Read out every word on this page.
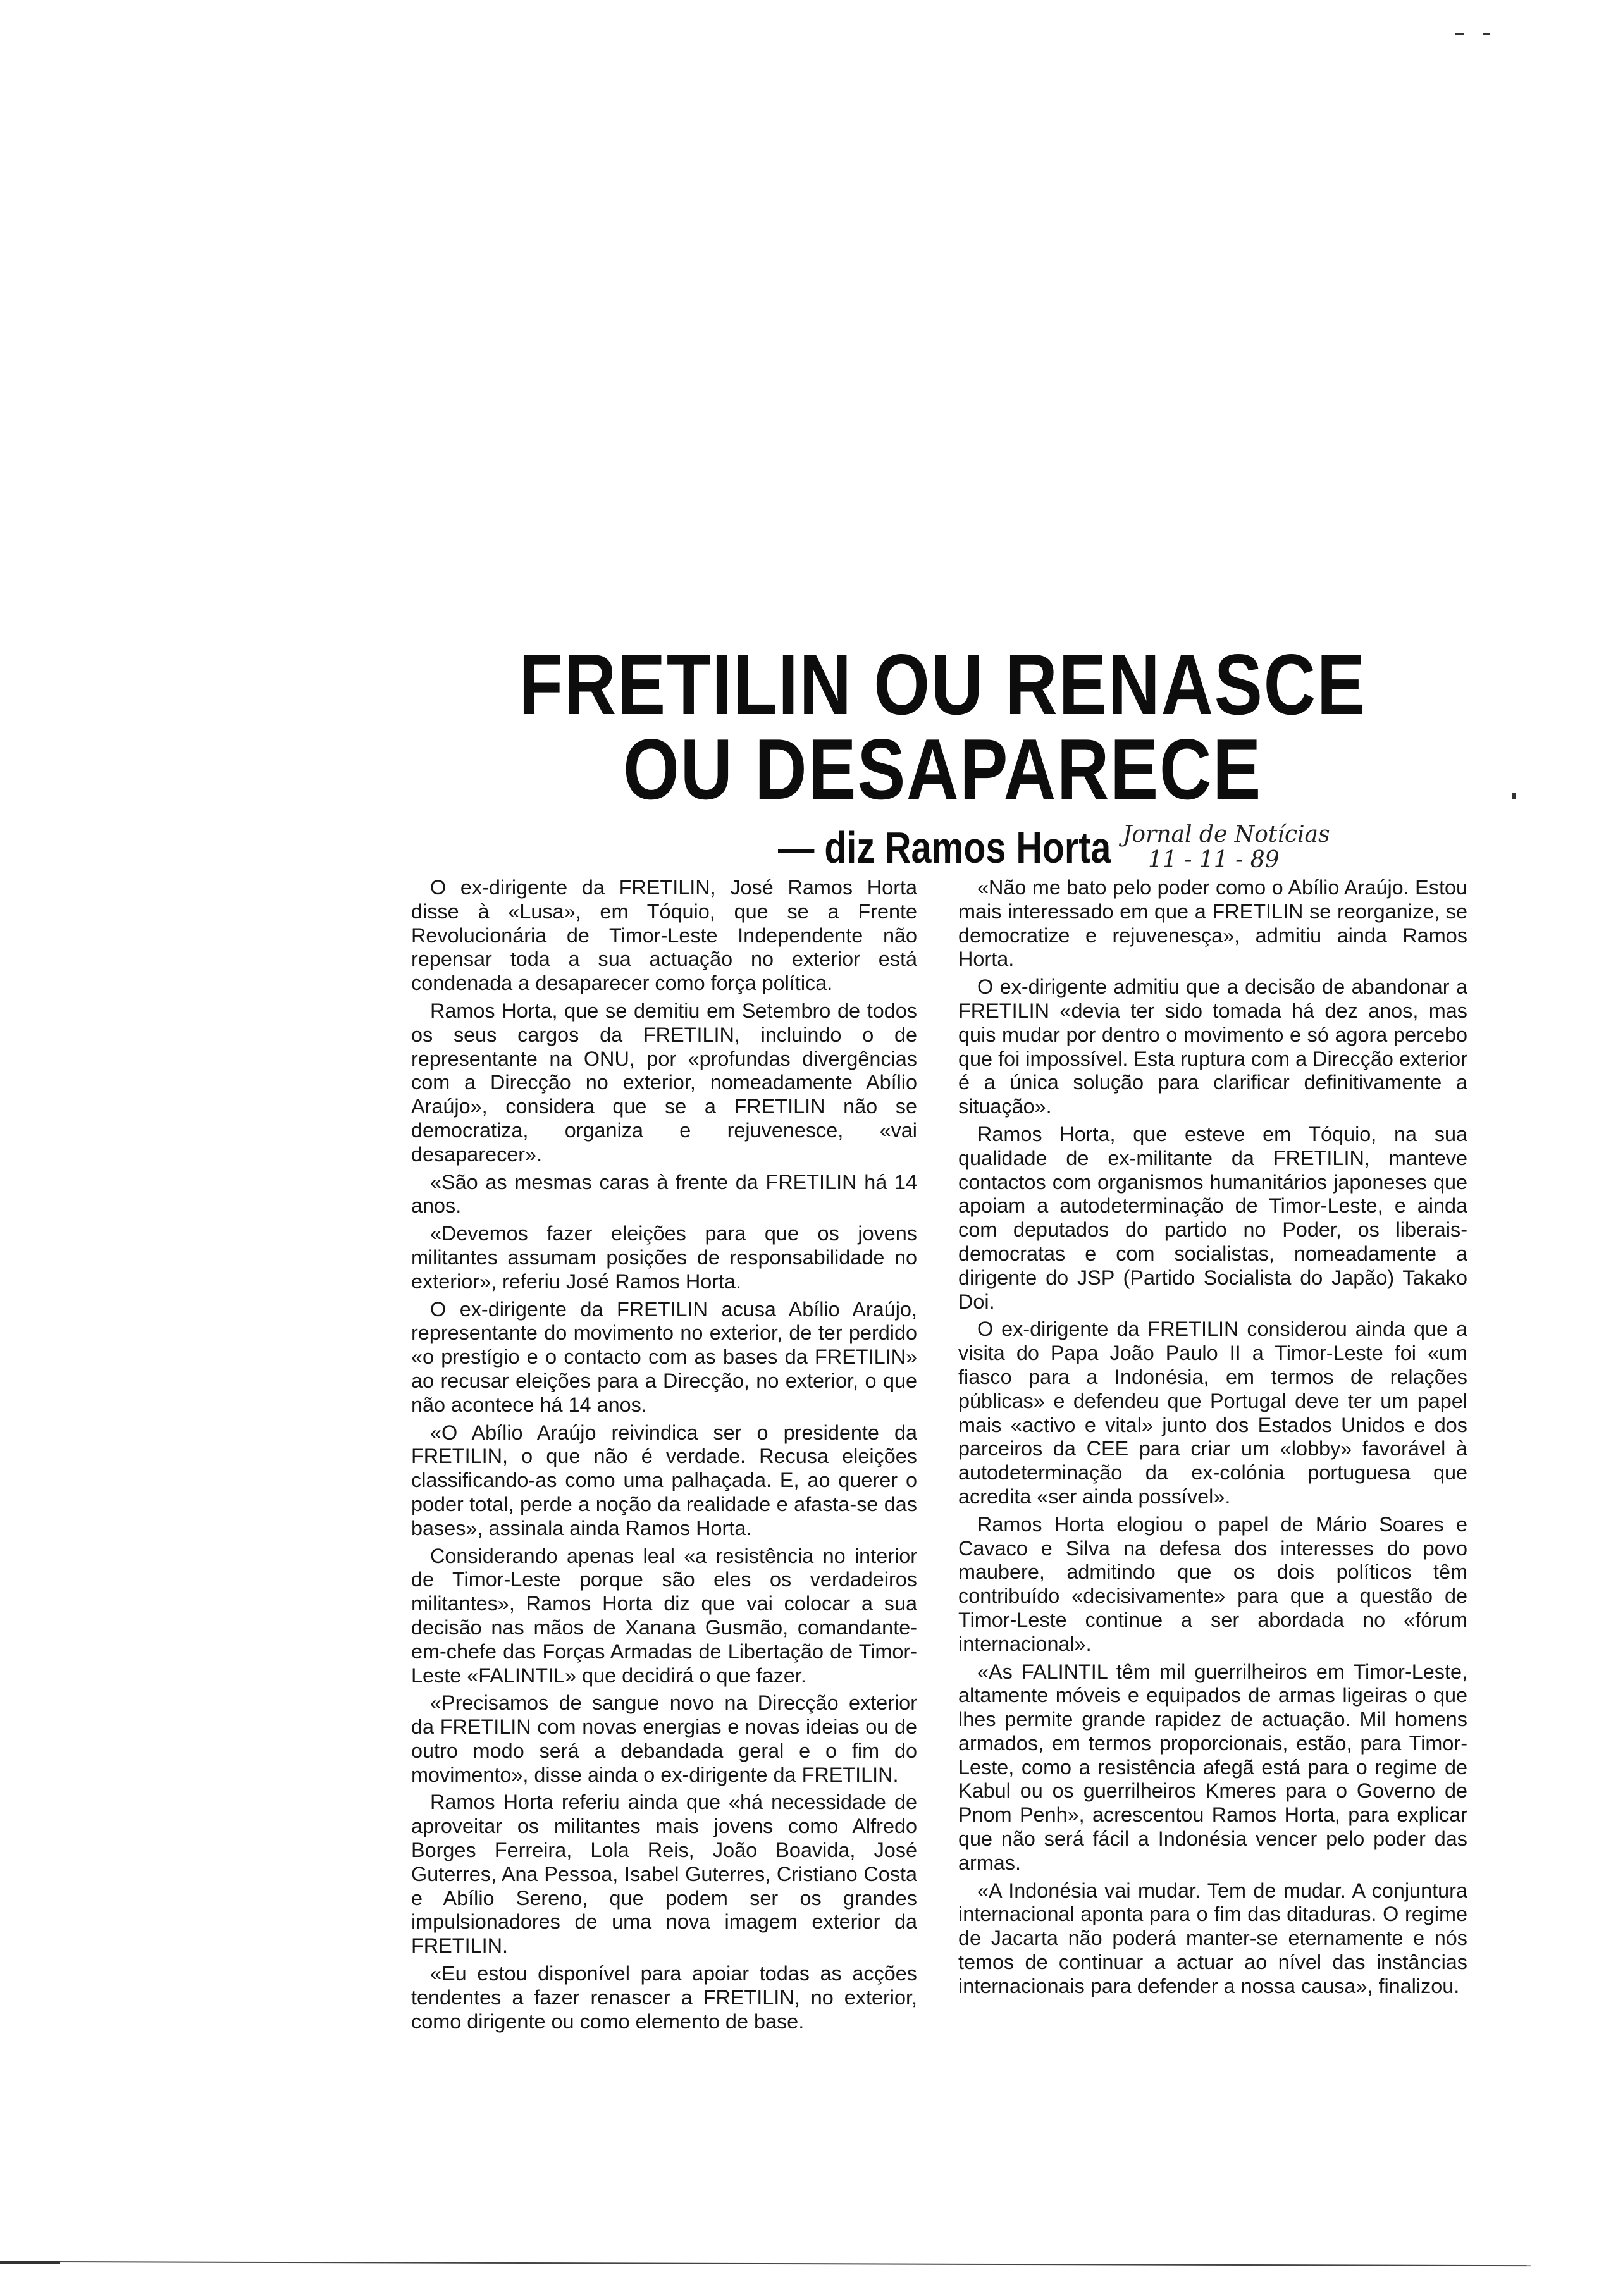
FRETILIN OU RENASCE
OU DESAPARECE
— diz Ramos Horta Jornal de Notícias
11 - 11 - 89

O ex-dirigente da FRETILIN, José Ramos Horta disse à «Lusa», em Tóquio, que se a Frente Revolucionária de Timor-Leste Independente não repensar toda a sua actuação no exterior está condenada a desaparecer como força política.

Ramos Horta, que se demitiu em Setembro de todos os seus cargos da FRETILIN, incluindo o de representante na ONU, por «profundas divergências com a Direcção no exterior, nomeadamente Abílio Araújo», considera que se a FRETILIN não se democratiza, organiza e rejuvenesce, «vai desaparecer».

«São as mesmas caras à frente da FRETILIN há 14 anos.

«Devemos fazer eleições para que os jovens militantes assumam posições de responsabilidade no exterior», referiu José Ramos Horta.

O ex-dirigente da FRETILIN acusa Abílio Araújo, representante do movimento no exterior, de ter perdido «o prestígio e o contacto com as bases da FRETILIN» ao recusar eleições para a Direcção, no exterior, o que não acontece há 14 anos.

«O Abílio Araújo reivindica ser o presidente da FRETILIN, o que não é verdade. Recusa eleições classificando-as como uma palhaçada. E, ao querer o poder total, perde a noção da realidade e afasta-se das bases», assinala ainda Ramos Horta.

Considerando apenas leal «a resistência no interior de Timor-Leste porque são eles os verdadeiros militantes», Ramos Horta diz que vai colocar a sua decisão nas mãos de Xanana Gusmão, comandante-em-chefe das Forças Armadas de Libertação de Timor-Leste «FALINTIL» que decidirá o que fazer.

«Precisamos de sangue novo na Direcção exterior da FRETILIN com novas energias e novas ideias ou de outro modo será a debandada geral e o fim do movimento», disse ainda o ex-dirigente da FRETILIN.

Ramos Horta referiu ainda que «há necessidade de aproveitar os militantes mais jovens como Alfredo Borges Ferreira, Lola Reis, João Boavida, José Guterres, Ana Pessoa, Isabel Guterres, Cristiano Costa e Abílio Sereno, que podem ser os grandes impulsionadores de uma nova imagem exterior da FRETILIN.

«Eu estou disponível para apoiar todas as acções tendentes a fazer renascer a FRETILIN, no exterior, como dirigente ou como elemento de base.

«Não me bato pelo poder como o Abílio Araújo. Estou mais interessado em que a FRETILIN se reorganize, se democratize e rejuvenesça», admitiu ainda Ramos Horta.

O ex-dirigente admitiu que a decisão de abandonar a FRETILIN «devia ter sido tomada há dez anos, mas quis mudar por dentro o movimento e só agora percebo que foi impossível. Esta ruptura com a Direcção exterior é a única solução para clarificar definitivamente a situação».

Ramos Horta, que esteve em Tóquio, na sua qualidade de ex-militante da FRETILIN, manteve contactos com organismos humanitários japoneses que apoiam a autodeterminação de Timor-Leste, e ainda com deputados do partido no Poder, os liberais-democratas e com socialistas, nomeadamente a dirigente do JSP (Partido Socialista do Japão) Takako Doi.

O ex-dirigente da FRETILIN considerou ainda que a visita do Papa João Paulo II a Timor-Leste foi «um fiasco para a Indonésia, em termos de relações públicas» e defendeu que Portugal deve ter um papel mais «activo e vital» junto dos Estados Unidos e dos parceiros da CEE para criar um «lobby» favorável à autodeterminação da ex-colónia portuguesa que acredita «ser ainda possível».

Ramos Horta elogiou o papel de Mário Soares e Cavaco e Silva na defesa dos interesses do povo maubere, admitindo que os dois políticos têm contribuído «decisivamente» para que a questão de Timor-Leste continue a ser abordada no «fórum internacional».

«As FALINTIL têm mil guerrilheiros em Timor-Leste, altamente móveis e equipados de armas ligeiras o que lhes permite grande rapidez de actuação. Mil homens armados, em termos proporcionais, estão, para Timor-Leste, como a resistência afegã está para o regime de Kabul ou os guerrilheiros Kmeres para o Governo de Pnom Penh», acrescentou Ramos Horta, para explicar que não será fácil a Indonésia vencer pelo poder das armas.

«A Indonésia vai mudar. Tem de mudar. A conjuntura internacional aponta para o fim das ditaduras. O regime de Jacarta não poderá manter-se eternamente e nós temos de continuar a actuar ao nível das instâncias internacionais para defender a nossa causa», finalizou.
